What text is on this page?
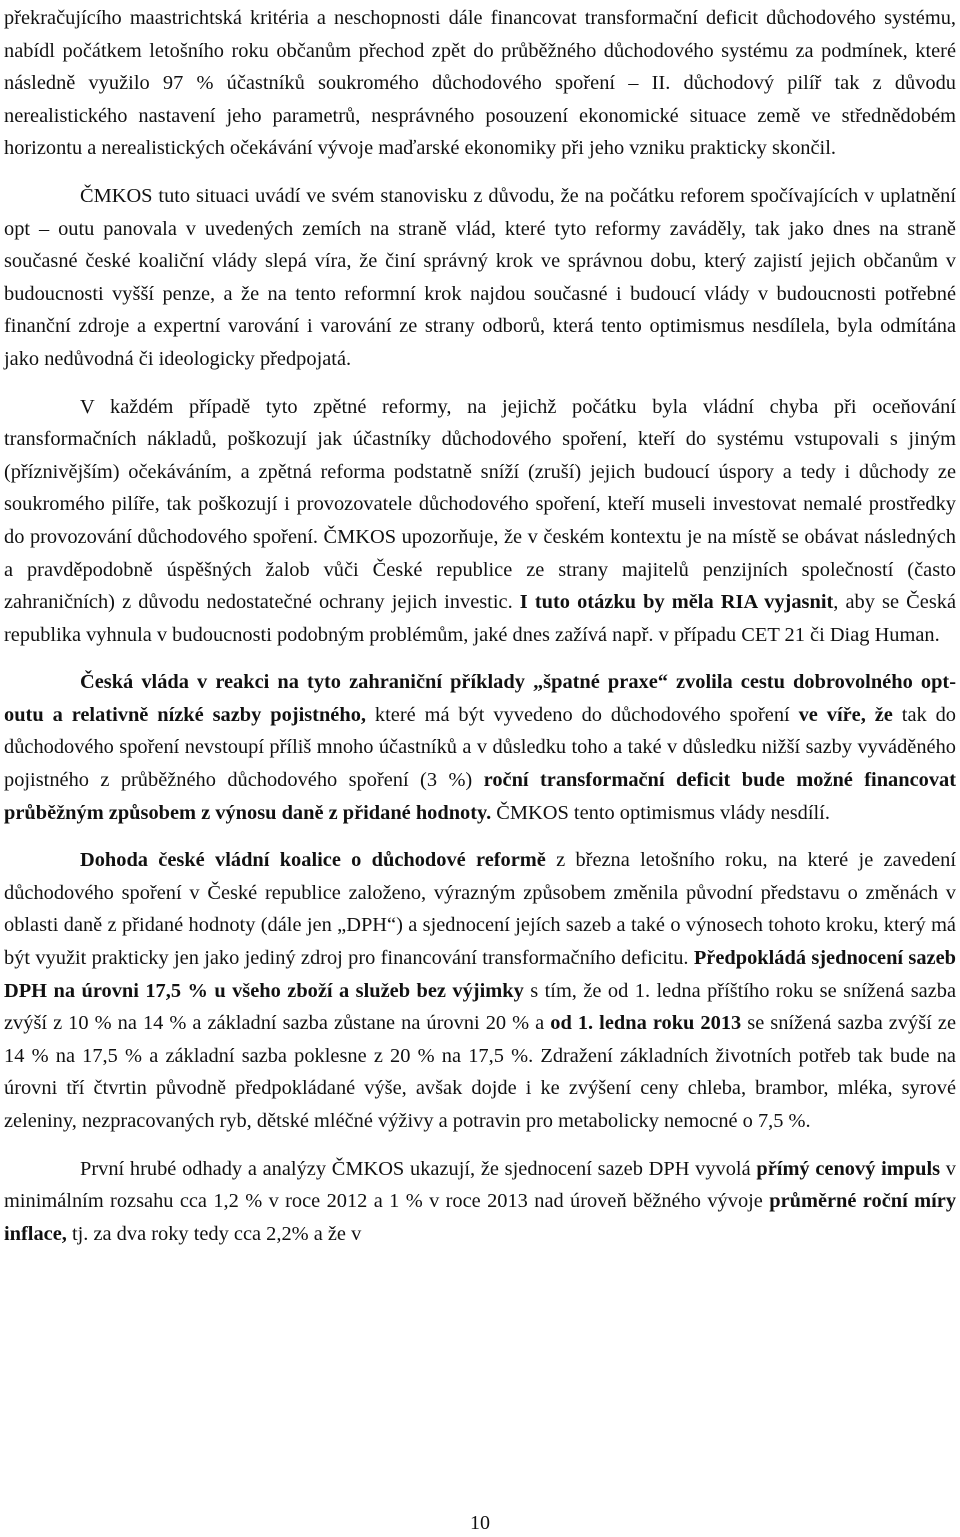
překračujícího maastrichtská kritéria a neschopnosti dále financovat transformační deficit důchodového systému, nabídl počátkem letošního roku občanům přechod zpět do průběžného důchodového systému za podmínek, které následně využilo 97 % účastníků soukromého důchodového spoření – II. důchodový pilíř tak z důvodu nerealistického nastavení jeho parametrů, nesprávného posouzení ekonomické situace země ve střednědobém horizontu a nerealistických očekávání vývoje maďarské ekonomiky při jeho vzniku prakticky skončil.

ČMKOS tuto situaci uvádí ve svém stanovisku z důvodu, že na počátku reforem spočívajících v uplatnění opt – outu panovala v uvedených zemích na straně vlád, které tyto reformy zaváděly, tak jako dnes na straně současné české koaliční vlády slepá víra, že činí správný krok ve správnou dobu, který zajistí jejich občanům v budoucnosti vyšší penze, a že na tento reformní krok najdou současné i budoucí vlády v budoucnosti potřebné finanční zdroje a expertní varování i varování ze strany odborů, která tento optimismus nesdílela, byla odmítána jako nedůvodná či ideologicky předpojatá.

V každém případě tyto zpětné reformy, na jejichž počátku byla vládní chyba při oceňování transformačních nákladů, poškozují jak účastníky důchodového spoření, kteří do systému vstupovali s jiným (příznivějším) očekáváním, a zpětná reforma podstatně sníží (zruší) jejich budoucí úspory a tedy i důchody ze soukromého pilíře, tak poškozují i provozovatele důchodového spoření, kteří museli investovat nemalé prostředky do provozování důchodového spoření. ČMKOS upozorňuje, že v českém kontextu je na místě se obávat následných a pravděpodobně úspěšných žalob vůči České republice ze strany majitelů penzijních společností (často zahraničních) z důvodu nedostatečné ochrany jejich investic. I tuto otázku by měla RIA vyjasnit, aby se Česká republika vyhnula v budoucnosti podobným problémům, jaké dnes zažívá např. v případu CET 21 či Diag Human.

Česká vláda v reakci na tyto zahraniční příklady „špatné praxe“ zvolila cestu dobrovolného opt-outu a relativně nízké sazby pojistného, které má být vyvedeno do důchodového spoření ve víře, že tak do důchodového spoření nevstoupí příliš mnoho účastníků a v důsledku toho a také v důsledku nižší sazby vyváděného pojistného z průběžného důchodového spoření (3 %) roční transformační deficit bude možné financovat průběžným způsobem z výnosu daně z přidané hodnoty. ČMKOS tento optimismus vlády nesdílí.

Dohoda české vládní koalice o důchodové reformě z března letošního roku, na které je zavedení důchodového spoření v České republice založeno, výrazným způsobem změnila původní představu o změnách v oblasti daně z přidané hodnoty (dále jen „DPH“) a sjednocení jejích sazeb a také o výnosech tohoto kroku, který má být využit prakticky jen jako jediný zdroj pro financování transformačního deficitu. Předpokládá sjednocení sazeb DPH na úrovni 17,5 % u všeho zboží a služeb bez výjimky s tím, že od 1. ledna příštího roku se snížená sazba zvýší z 10 % na 14 % a základní sazba zůstane na úrovni 20 % a od 1. ledna roku 2013 se snížená sazba zvýší ze 14 % na 17,5 % a základní sazba poklesne z 20 % na 17,5 %. Zdražení základních životních potřeb tak bude na úrovni tří čtvrtin původně předpokládané výše, avšak dojde i ke zvýšení ceny chleba, brambor, mléka, syrové zeleniny, nezpracovaných ryb, dětské mléčné výživy a potravin pro metabolicky nemocné o 7,5 %.

První hrubé odhady a analýzy ČMKOS ukazují, že sjednocení sazeb DPH vyvolá přímý cenový impuls v minimálním rozsahu cca 1,2 % v roce 2012 a 1 % v roce 2013 nad úroveň běžného vývoje průměrné roční míry inflace, tj. za dva roky tedy cca 2,2% a že v

10
